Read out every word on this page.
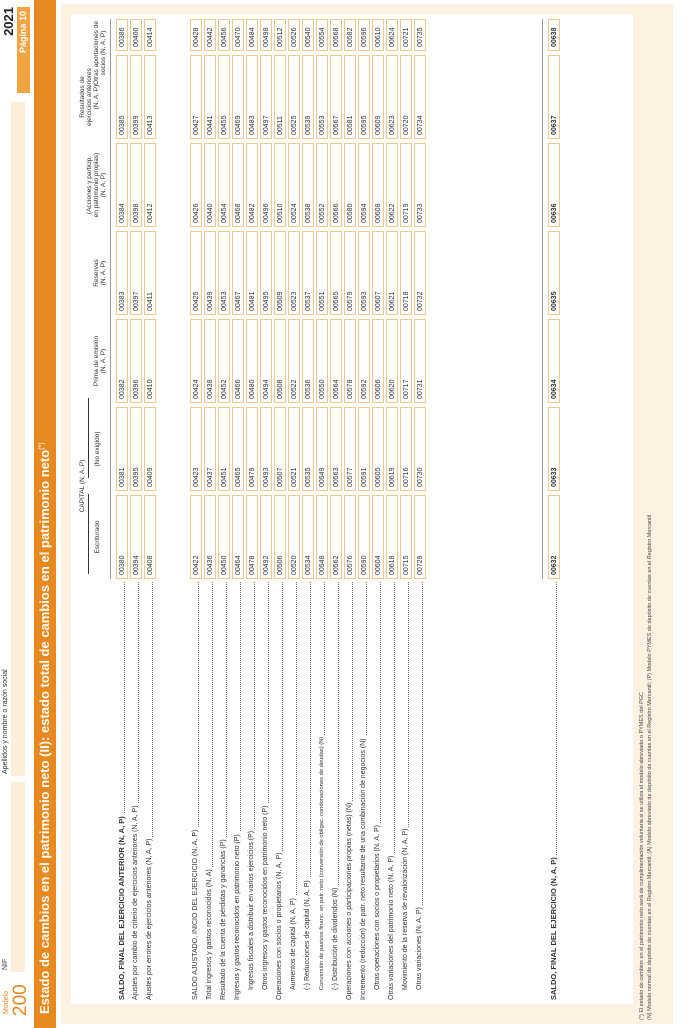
Modelo 200
NIF
Apellidos y nombre o razón social
2021 Página 10
Estado de cambios en el patrimonio neto (II): estado total de cambios en el patrimonio neto(*)
CAPITAL (N, A, P)
Escriturado
(No exigido)
Prima de emisión (N, A, P)
Reservas (N, A, P)
(Acciones y particip. en patrimonio propias) (N, A, P)
Resultados de ejercicios anteriores (N, A, P)
Otras aportaciones de socios (N, A, P)
SALDO, FINAL DEL EJERCICIO ANTERIOR (N, A, P)
00380
00381
00382
00383
00384
00385
00386
Ajustes por cambio de criterio de ejercicios anteriores (N, A, P)
00394
00395
00396
00397
00398
00399
00400
Ajustes por errores de ejercicios anteriores (N, A, P)
00408
00409
00410
00411
00412
00413
00414
SALDO AJUSTADO, INICIO DEL EJERCICIO (N, A, P)
00422
00423
00424
00425
00426
00427
00428
Total ingresos y gastos reconocidos (N, A)
00436
00437
00438
00439
00440
00441
00442
Resultado de la cuenta de pérdidas y ganancias (P)
00450
00451
00452
00453
00454
00455
00456
Ingresos y gastos reconocidos en patrimonio neto (P)
00464
00465
00466
00467
00468
00469
00470
Ingresos fiscales a distribuir en varios ejercicios (P)
00478
00479
00480
00481
00482
00483
00484
Otros ingresos y gastos reconocidos en patrimonio neto (P)
00492
00493
00494
00495
00496
00497
00498
Operaciones con socios o propietarios (N, A, P)
00506
00507
00508
00509
00510
00511
00512
Aumentos de capital (N, A, P)
00520
00521
00522
00523
00524
00525
00526
(-) Reducciones de capital (N, A, P)
00534
00535
00536
00537
00538
00539
00540
Conversión de pasivos financ. en patr. neto (conversión de obligac. condonaciones de deudas) (N)
00548
00549
00550
00551
00552
00553
00554
(-) Distribución de dividendos (N)
00562
00563
00564
00565
00566
00567
00568
Operaciones con acciones o participaciones propias (netas) (N)
00576
00577
00578
00579
00580
00581
00582
Incremento (reducción) de patr. neto resultante de una combinación de negocios (N)
00590
00591
00592
00593
00594
00595
00596
Otras operaciones con socios o propietarios (N, A, P)
00604
00605
00606
00607
00608
00609
00610
Otras variaciones del patrimonio neto (N, A, P)
00618
00619
00620
00621
00622
00623
00624
Movimiento de la reserva de revalorización (N, A, P)
00715
00716
00717
00718
00719
00720
00721
Otras variaciones (N, A, P)
00729
00730
00731
00732
00733
00734
00735
SALDO, FINAL DEL EJERCICIO (N, A, P)
00632
00633
00634
00635
00636
00637
00638
(*) El estado de cambios en el patrimonio neto será de cumplimentación voluntaria si se utiliza el modelo abreviado o PYMES del PGC (N) Modelo normal de depósito de cuentas en el Registro Mercantil; (A) Modelo abreviado de depósito de cuentas en el Registro Mercantil; (P) Modelo PYMES de depósito de cuentas en el Registro Mercantil
